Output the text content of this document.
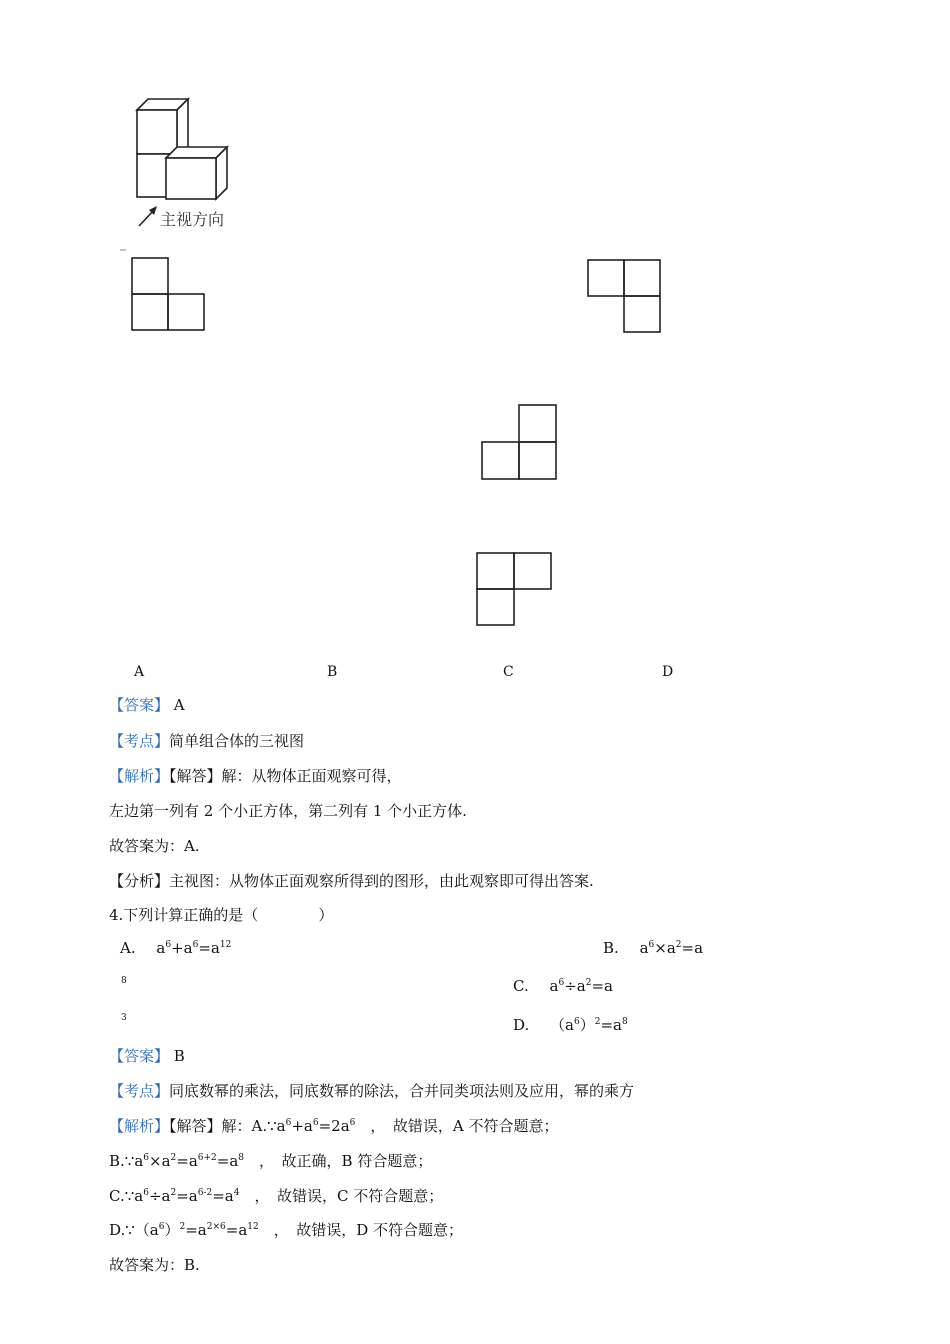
主视方向
A	B	C	D
【答案】 A
【考点】简单组合体的三视图
【解析】【解答】解：从物体正面观察可得，
左边第一列有 2 个小正方体，第二列有 1 个小正方体.
故答案为：A.
【分析】主视图：从物体正面观察所得到的图形，由此观察即可得出答案.
4.下列计算正确的是（　　　　）
A. $a^6+a^6=a^{12}$	B. $a^6\times a^2=a$
8	C. $a^6\div a^2=a$
3	D. $(a^6)^2=a^8$
【答案】 B
【考点】同底数幂的乘法，同底数幂的除法，合并同类项法则及应用，幂的乘方
【解析】【解答】解：$A.\because a^6+a^6=2a^6$　 ，　故错误，A 不符合题意；
$B.\because a^6\times a^2=a^{6+2}=a^8$　 ，　故正确，B 符合题意；
$C.\because a^6\div a^2=a^{6-2}=a^4$　 ，　故错误，C 不符合题意；
$D.\because(a^6)^2=a^{2\times 6}=a^{12}$　 ，　故错误，D 不符合题意；
故答案为：B.
